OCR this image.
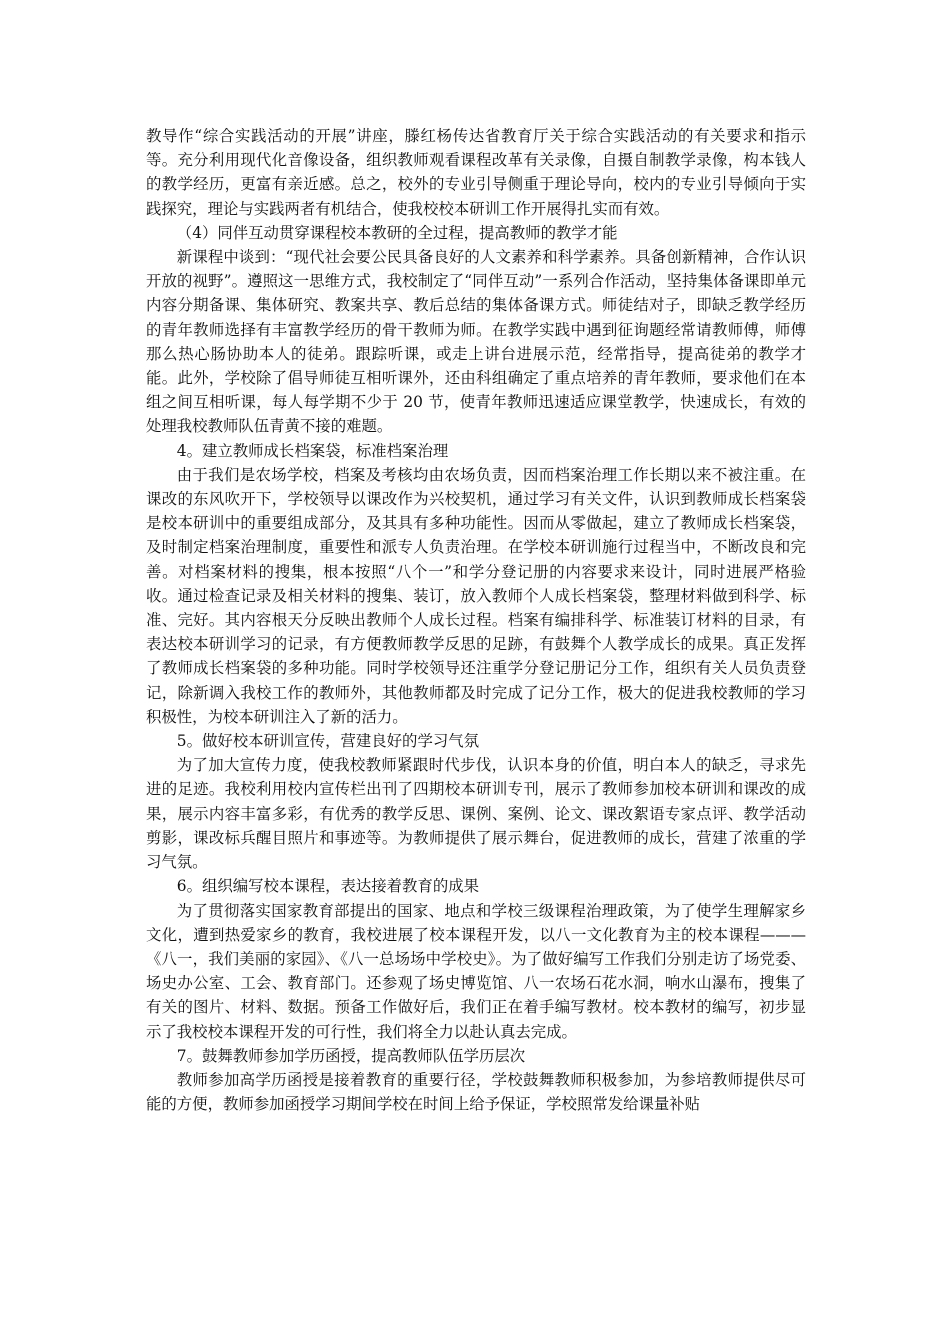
教导作“综合实践活动的开展”讲座，滕红杨传达省教育厅关于综合实践活动的有关要求和指示等。充分利用现代化音像设备，组织教师观看课程改革有关录像，自摄自制教学录像，构本钱人的教学经历，更富有亲近感。总之，校外的专业引导侧重于理论导向，校内的专业引导倾向于实践探究，理论与实践两者有机结合，使我校校本研训工作开展得扎实而有效。

（4）同伴互动贯穿课程校本教研的全过程，提高教师的教学才能

新课程中谈到：“现代社会要公民具备良好的人文素养和科学素养。具备创新精神，合作认识开放的视野”。遵照这一思维方式，我校制定了“同伴互动”一系列合作活动，坚持集体备课即单元内容分期备课、集体研究、教案共享、教后总结的集体备课方式。师徒结对子，即缺乏教学经历的青年教师选择有丰富教学经历的骨干教师为师。在教学实践中遇到征询题经常请教师傅，师傅那么热心肠协助本人的徒弟。跟踪听课，或走上讲台进展示范，经常指导，提高徒弟的教学才能。此外，学校除了倡导师徒互相听课外，还由科组确定了重点培养的青年教师，要求他们在本组之间互相听课，每人每学期不少于 20 节，使青年教师迅速适应课堂教学，快速成长，有效的处理我校教师队伍青黄不接的难题。

4。建立教师成长档案袋，标准档案治理

由于我们是农场学校，档案及考核均由农场负责，因而档案治理工作长期以来不被注重。在课改的东风吹开下，学校领导以课改作为兴校契机，通过学习有关文件，认识到教师成长档案袋是校本研训中的重要组成部分，及其具有多种功能性。因而从零做起，建立了教师成长档案袋，及时制定档案治理制度，重要性和派专人负责治理。在学校本研训施行过程当中，不断改良和完善。对档案材料的搜集，根本按照“八个一”和学分登记册的内容要求来设计，同时进展严格验收。通过检查记录及相关材料的搜集、装订，放入教师个人成长档案袋，整理材料做到科学、标准、完好。其内容根天分反映出教师个人成长过程。档案有编排科学、标准装订材料的目录，有表达校本研训学习的记录，有方便教师教学反思的足跡，有鼓舞个人教学成长的成果。真正发挥了教师成长档案袋的多种功能。同时学校领导还注重学分登记册记分工作，组织有关人员负责登记，除新调入我校工作的教师外，其他教师都及时完成了记分工作，极大的促进我校教师的学习积极性，为校本研训注入了新的活力。

5。做好校本研训宣传，营建良好的学习气氛

为了加大宣传力度，使我校教师紧跟时代步伐，认识本身的价值，明白本人的缺乏，寻求先进的足迹。我校利用校内宣传栏出刊了四期校本研训专刊，展示了教师参加校本研训和课改的成果，展示内容丰富多彩，有优秀的教学反思、课例、案例、论文、课改絮语专家点评、教学活动剪影，课改标兵醒目照片和事迹等。为教师提供了展示舞台，促进教师的成长，营建了浓重的学习气氛。

6。组织编写校本课程，表达接着教育的成果

为了贯彻落实国家教育部提出的国家、地点和学校三级课程治理政策，为了使学生理解家乡文化，遭到热爱家乡的教育，我校进展了校本课程开发，以八一文化教育为主的校本课程———《八一，我们美丽的家园》、《八一总场场中学校史》。为了做好编写工作我们分别走访了场党委、场史办公室、工会、教育部门。还参观了场史博览馆、八一农场石花水洞，响水山瀑布，搜集了有关的图片、材料、数据。预备工作做好后，我们正在着手编写教材。校本教材的编写，初步显示了我校校本课程开发的可行性，我们将全力以赴认真去完成。

7。鼓舞教师参加学历函授，提高教师队伍学历层次

教师参加高学历函授是接着教育的重要行径，学校鼓舞教师积极参加，为参培教师提供尽可能的方便，教师参加函授学习期间学校在时间上给予保证，学校照常发给课量补贴
